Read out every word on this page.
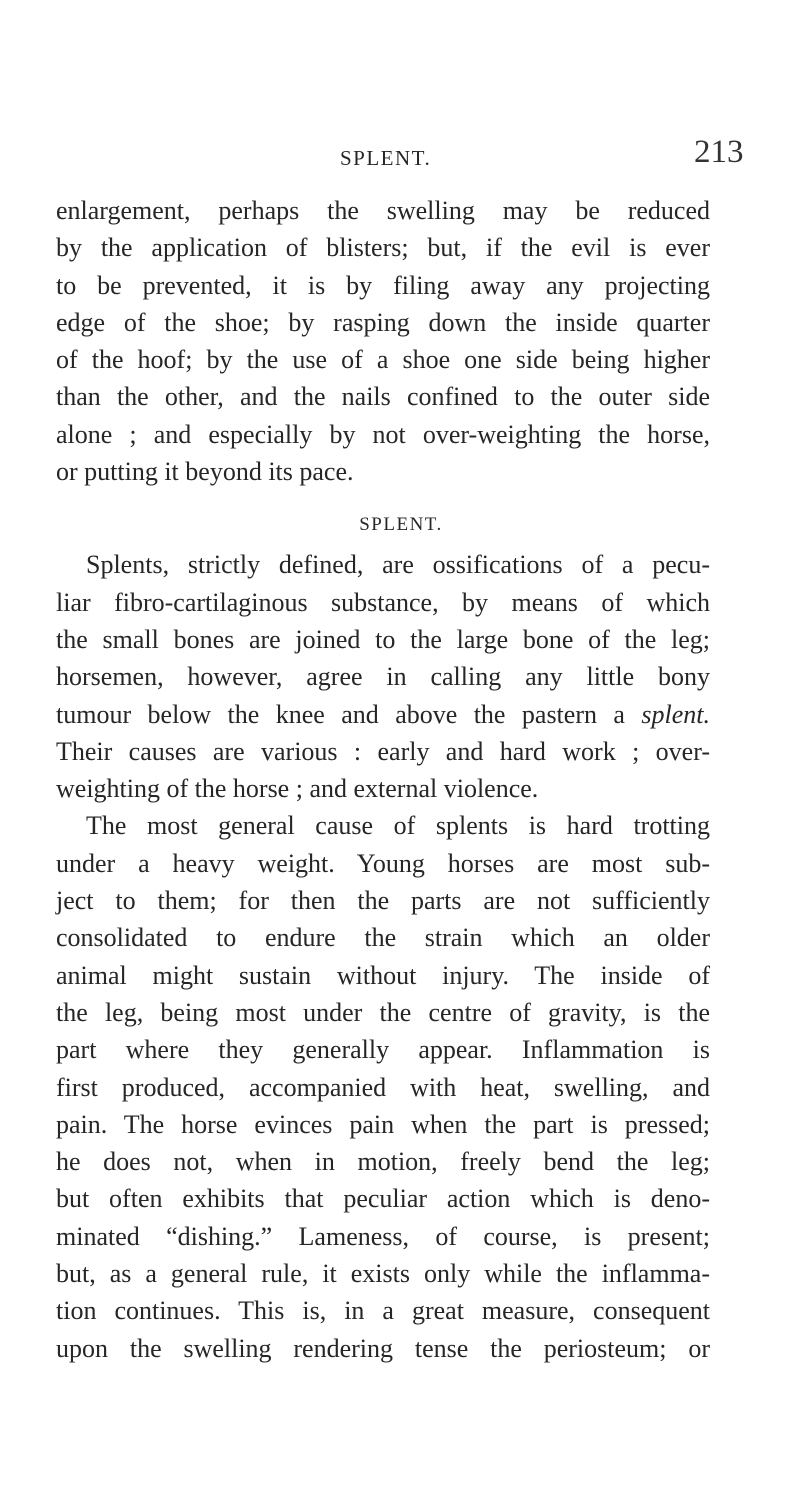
SPLENT.	213
enlargement, perhaps the swelling may be reduced
by the application of blisters; but, if the evil is ever
to be prevented, it is by filing away any projecting
edge of the shoe; by rasping down the inside quarter
of the hoof; by the use of a shoe one side being higher
than the other, and the nails confined to the outer side
alone ; and especially by not over-weighting the horse,
or putting it beyond its pace.
SPLENT.
Splents, strictly defined, are ossifications of a pecu-
liar fibro-cartilaginous substance, by means of which
the small bones are joined to the large bone of the leg;
horsemen, however, agree in calling any little bony
tumour below the knee and above the pastern a splent.
Their causes are various : early and hard work ; over-
weighting of the horse ; and external violence.
The most general cause of splents is hard trotting
under a heavy weight. Young horses are most sub-
ject to them; for then the parts are not sufficiently
consolidated to endure the strain which an older
animal might sustain without injury. The inside of
the leg, being most under the centre of gravity, is the
part where they generally appear. Inflammation is
first produced, accompanied with heat, swelling, and
pain. The horse evinces pain when the part is pressed;
he does not, when in motion, freely bend the leg;
but often exhibits that peculiar action which is deno-
minated “dishing.” Lameness, of course, is present;
but, as a general rule, it exists only while the inflamma-
tion continues. This is, in a great measure, consequent
upon the swelling rendering tense the periosteum; or
